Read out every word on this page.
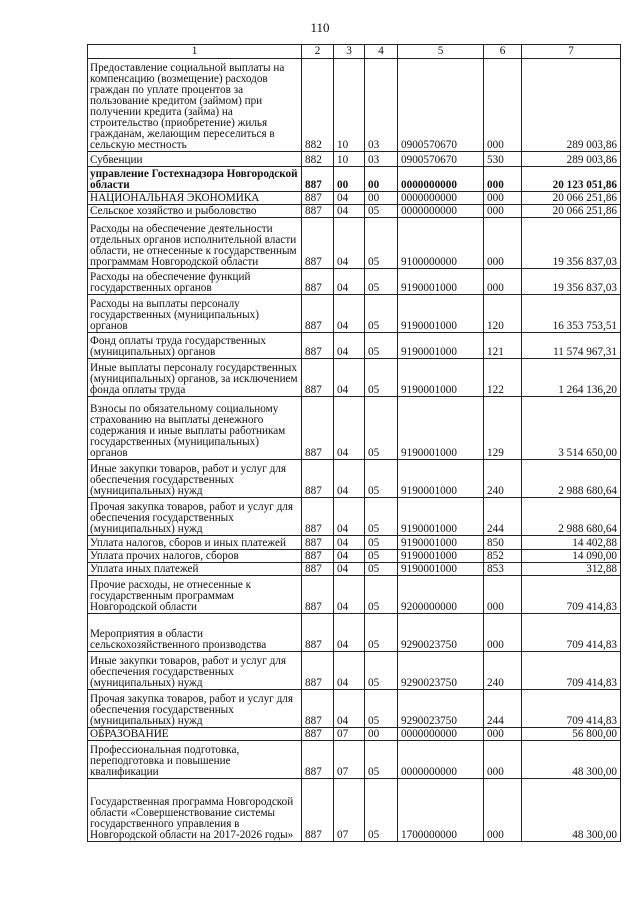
110
1	2	3	4	5	6	7
Предоставление социальной выплаты на компенсацию (возмещение) расходов граждан по уплате процентов за пользование кредитом (займом) при получении кредита (займа) на строительство (приобретение) жилья гражданам, желающим переселиться в сельскую местность	882	10	03	0900570670	000	289 003,86
Субвенции	882	10	03	0900570670	530	289 003,86
управление Гостехнадзора Новгородской области	887	00	00	0000000000	000	20 123 051,86
НАЦИОНАЛЬНАЯ ЭКОНОМИКА	887	04	00	0000000000	000	20 066 251,86
Сельское хозяйство и рыболовство	887	04	05	0000000000	000	20 066 251,86
Расходы на обеспечение деятельности отдельных органов исполнительной власти области, не отнесенные к государственным программам Новгородской области	887	04	05	9100000000	000	19 356 837,03
Расходы на обеспечение функций государственных органов	887	04	05	9190001000	000	19 356 837,03
Расходы на выплаты персоналу государственных (муниципальных) органов	887	04	05	9190001000	120	16 353 753,51
Фонд оплаты труда государственных (муниципальных) органов	887	04	05	9190001000	121	11 574 967,31
Иные выплаты персоналу государственных (муниципальных) органов, за исключением фонда оплаты труда	887	04	05	9190001000	122	1 264 136,20
Взносы по обязательному социальному страхованию на выплаты денежного содержания и иные выплаты работникам государственных (муниципальных) органов	887	04	05	9190001000	129	3 514 650,00
Иные закупки товаров, работ и услуг для обеспечения государственных (муниципальных) нужд	887	04	05	9190001000	240	2 988 680,64
Прочая закупка товаров, работ и услуг для обеспечения государственных (муниципальных) нужд	887	04	05	9190001000	244	2 988 680,64
Уплата налогов, сборов и иных платежей	887	04	05	9190001000	850	14 402,88
Уплата прочих налогов, сборов	887	04	05	9190001000	852	14 090,00
Уплата иных платежей	887	04	05	9190001000	853	312,88
Прочие расходы, не отнесенные к государственным программам Новгородской области	887	04	05	9200000000	000	709 414,83
Мероприятия в области сельскохозяйственного производства	887	04	05	9290023750	000	709 414,83
Иные закупки товаров, работ и услуг для обеспечения государственных (муниципальных) нужд	887	04	05	9290023750	240	709 414,83
Прочая закупка товаров, работ и услуг для обеспечения государственных (муниципальных) нужд	887	04	05	9290023750	244	709 414,83
ОБРАЗОВАНИЕ	887	07	00	0000000000	000	56 800,00
Профессиональная подготовка, переподготовка и повышение квалификации	887	07	05	0000000000	000	48 300,00
Государственная программа Новгородской области «Совершенствование системы государственного управления в Новгородской области на 2017-2026 годы»	887	07	05	1700000000	000	48 300,00
